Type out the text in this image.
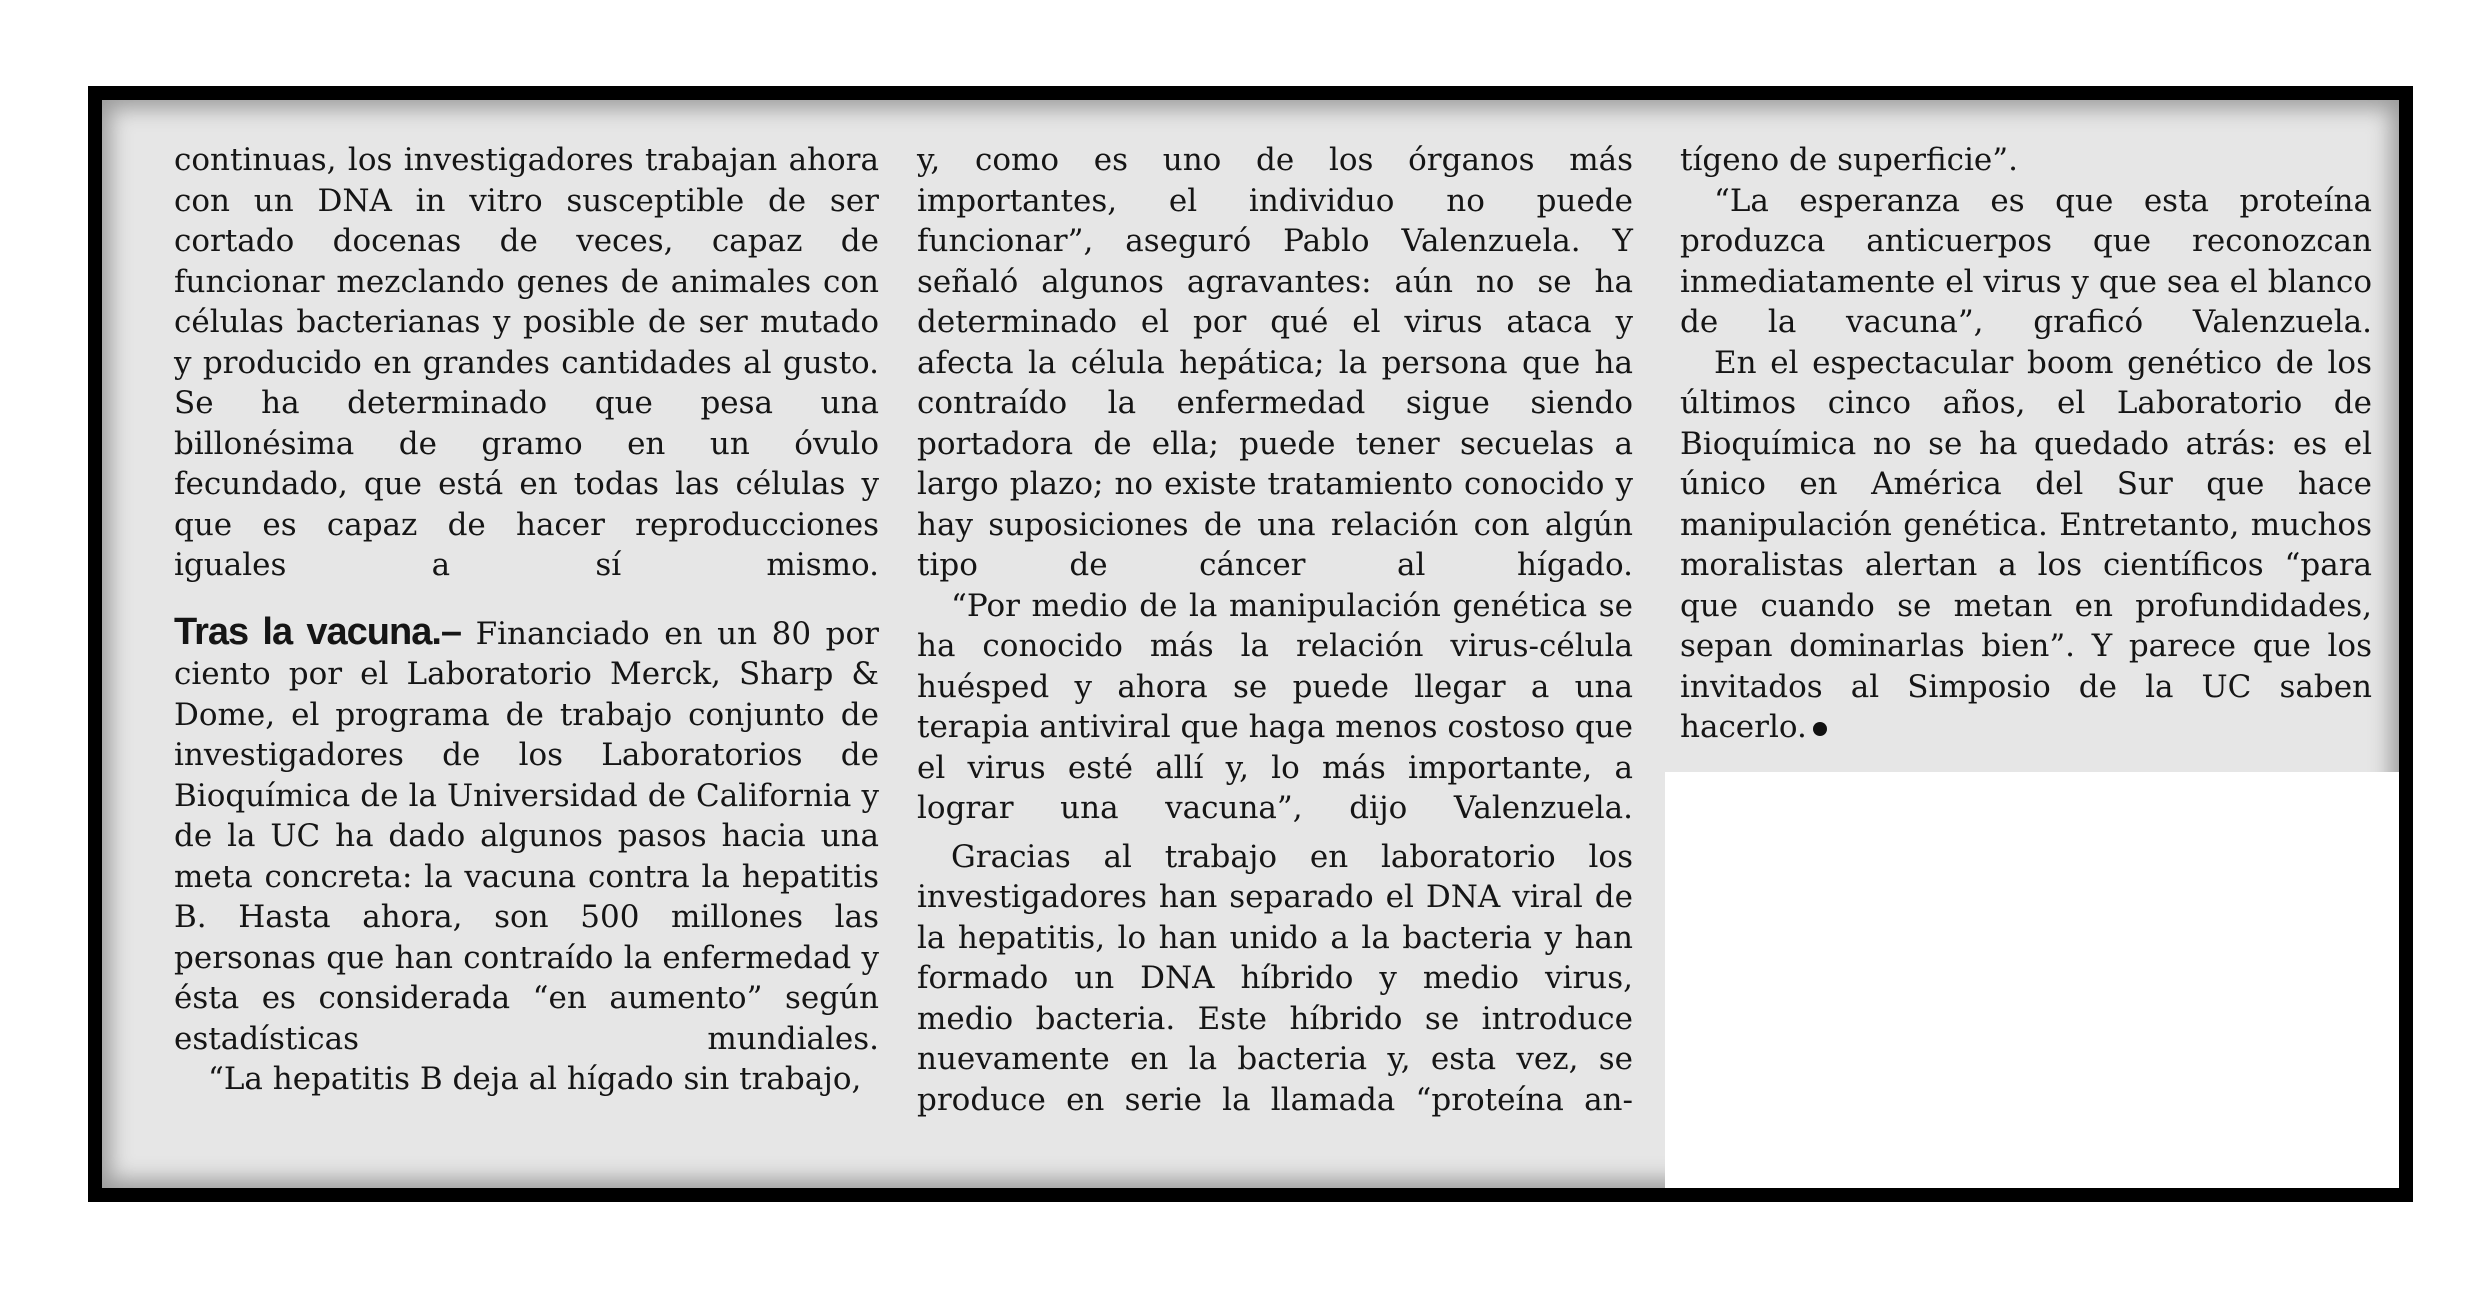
continuas, los investigadores trabajan ahora con un DNA in vitro susceptible de ser cortado docenas de veces, capaz de funcionar mezclando genes de animales con células bacterianas y posible de ser mutado y producido en grandes cantidades al gusto. Se ha determinado que pesa una billonésima de gramo en un óvulo fecundado, que está en todas las células y que es capaz de hacer reproducciones iguales a sí mismo.

Tras la vacuna.– Financiado en un 80 por ciento por el Laboratorio Merck, Sharp & Dome, el programa de trabajo conjunto de investigadores de los Laboratorios de Bioquímica de la Universidad de California y de la UC ha dado algunos pasos hacia una meta concreta: la vacuna contra la hepatitis B. Hasta ahora, son 500 millones las personas que han contraído la enfermedad y ésta es considerada “en aumento” según estadísticas mundiales.

“La hepatitis B deja al hígado sin trabajo,

y, como es uno de los órganos más importantes, el individuo no puede funcionar”, aseguró Pablo Valenzuela. Y señaló algunos agravantes: aún no se ha determinado el por qué el virus ataca y afecta la célula hepática; la persona que ha contraído la enfermedad sigue siendo portadora de ella; puede tener secuelas a largo plazo; no existe tratamiento conocido y hay suposiciones de una relación con algún tipo de cáncer al hígado.

“Por medio de la manipulación genética se ha conocido más la relación virus-célula huésped y ahora se puede llegar a una terapia antiviral que haga menos costoso que el virus esté allí y, lo más importante, a lograr una vacuna”, dijo Valenzuela.

Gracias al trabajo en laboratorio los investigadores han separado el DNA viral de la hepatitis, lo han unido a la bacteria y han formado un DNA híbrido y medio virus, medio bacteria. Este híbrido se introduce nuevamente en la bacteria y, esta vez, se produce en serie la llamada “proteína an-

tígeno de superficie”.

“La esperanza es que esta proteína produzca anticuerpos que reconozcan inmediatamente el virus y que sea el blanco de la vacuna”, graficó Valenzuela.

En el espectacular boom genético de los últimos cinco años, el Laboratorio de Bioquímica no se ha quedado atrás: es el único en América del Sur que hace manipulación genética. Entretanto, muchos moralistas alertan a los científicos “para que cuando se metan en profundidades, sepan dominarlas bien”. Y parece que los invitados al Simposio de la UC saben hacerlo.
